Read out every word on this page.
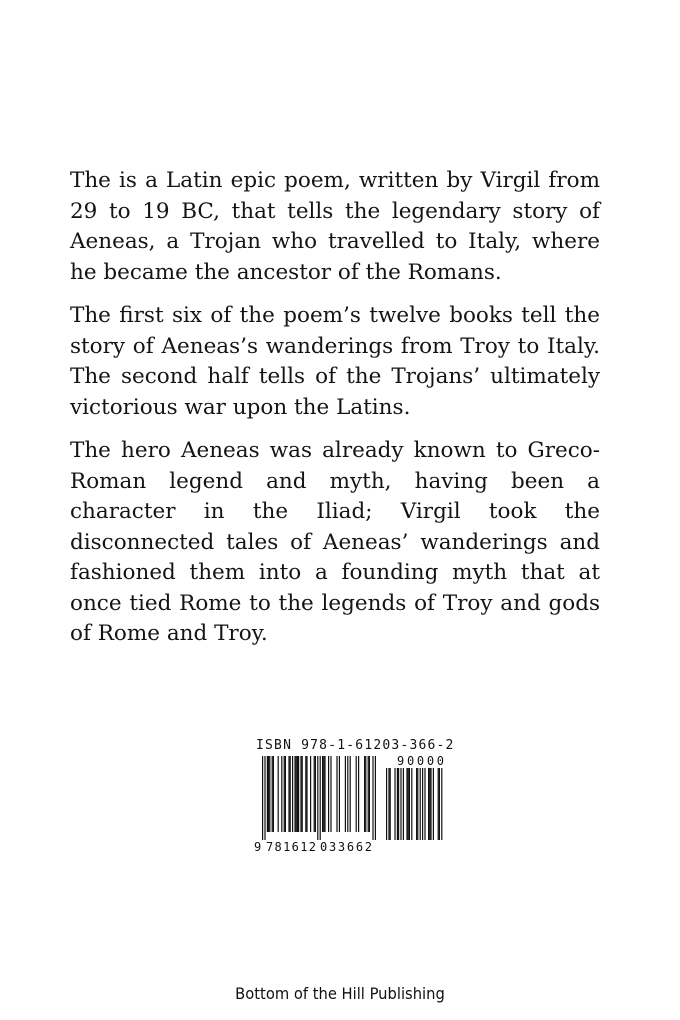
The is a Latin epic poem, written by Virgil from 29 to 19 BC, that tells the legendary story of Aeneas, a Trojan who travelled to Italy, where he became the ancestor of the Romans.

The first six of the poem’s twelve books tell the story of Aeneas’s wanderings from Troy to Italy. The second half tells of the Trojans’ ultimately victorious war upon the Latins.

The hero Aeneas was already known to Greco-Roman legend and myth, having been a character in the Iliad; Virgil took the disconnected tales of Aeneas’ wanderings and fashioned them into a founding myth that at once tied Rome to the legends of Troy and gods of Rome and Troy.

ISBN 978-1-61203-366-2
9 781612 033662
90000
Bottom of the Hill Publishing
